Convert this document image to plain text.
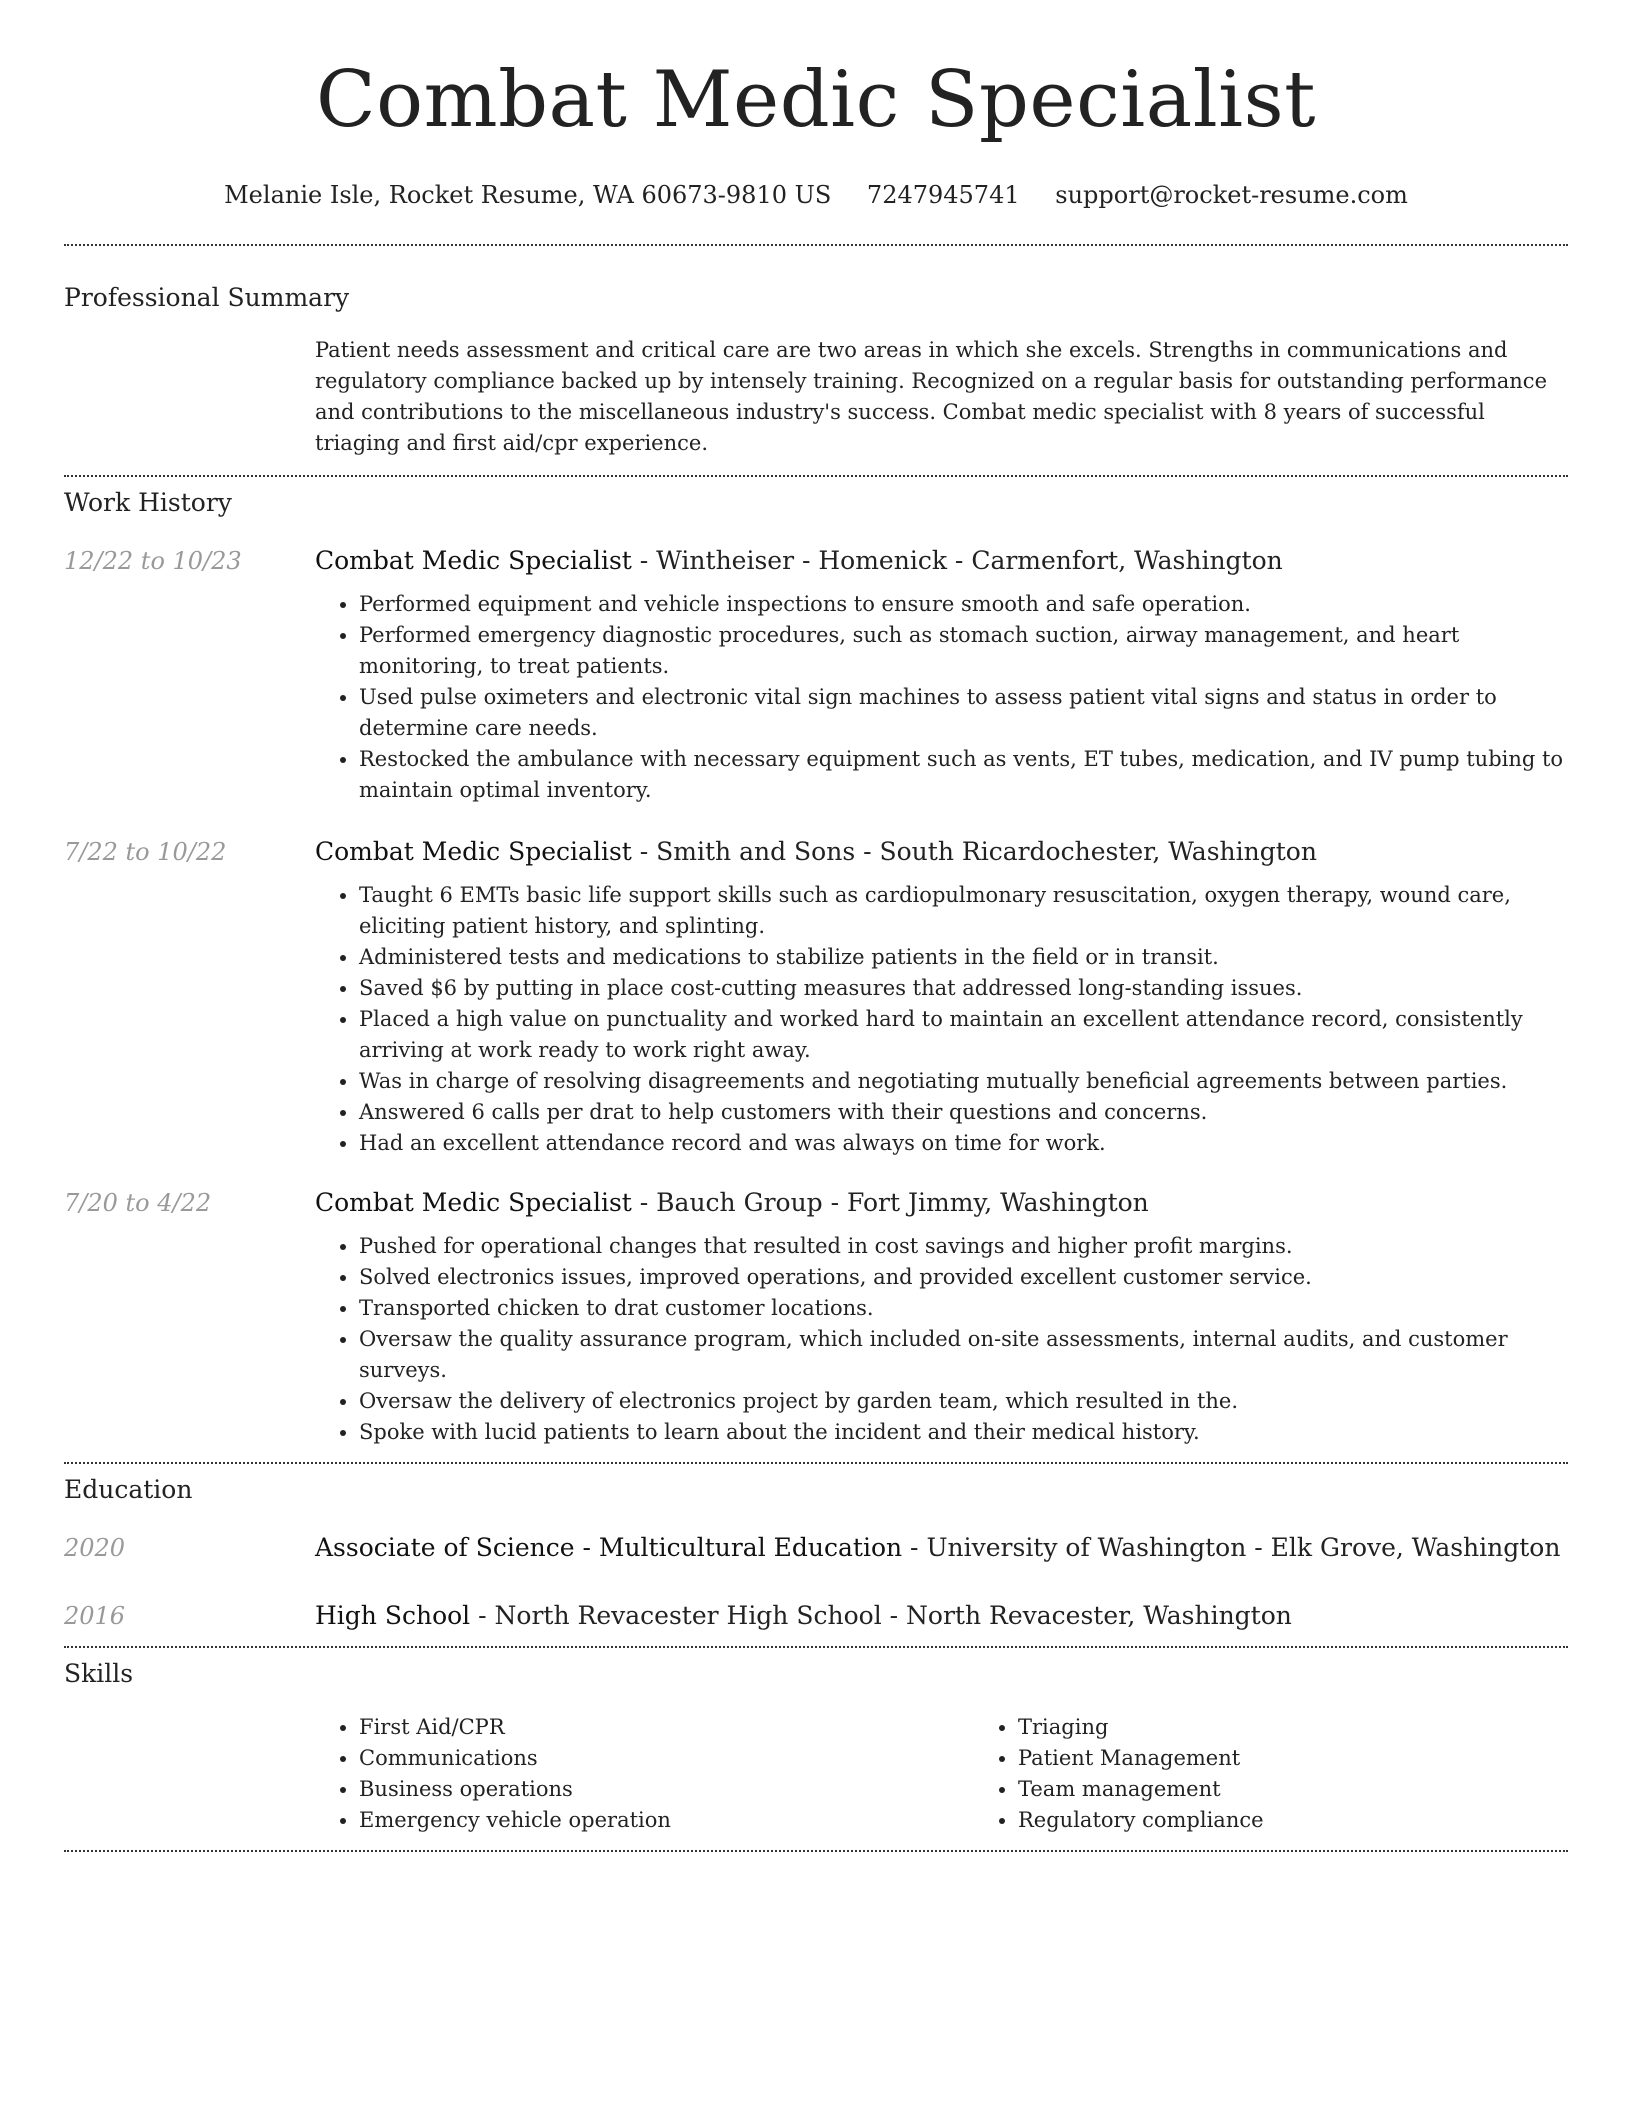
Combat Medic Specialist
Melanie Isle, Rocket Resume, WA 60673-9810 US 7247945741 support@rocket-resume.com
Professional Summary
Patient needs assessment and critical care are two areas in which she excels. Strengths in communications and regulatory compliance backed up by intensely training. Recognized on a regular basis for outstanding performance and contributions to the miscellaneous industry's success. Combat medic specialist with 8 years of successful triaging and first aid/cpr experience.
Work History
12/22 to 10/23	Combat Medic Specialist - Wintheiser - Homenick - Carmenfort, Washington
• Performed equipment and vehicle inspections to ensure smooth and safe operation.
• Performed emergency diagnostic procedures, such as stomach suction, airway management, and heart monitoring, to treat patients.
• Used pulse oximeters and electronic vital sign machines to assess patient vital signs and status in order to determine care needs.
• Restocked the ambulance with necessary equipment such as vents, ET tubes, medication, and IV pump tubing to maintain optimal inventory.
7/22 to 10/22	Combat Medic Specialist - Smith and Sons - South Ricardochester, Washington
• Taught 6 EMTs basic life support skills such as cardiopulmonary resuscitation, oxygen therapy, wound care, eliciting patient history, and splinting.
• Administered tests and medications to stabilize patients in the field or in transit.
• Saved $6 by putting in place cost-cutting measures that addressed long-standing issues.
• Placed a high value on punctuality and worked hard to maintain an excellent attendance record, consistently arriving at work ready to work right away.
• Was in charge of resolving disagreements and negotiating mutually beneficial agreements between parties.
• Answered 6 calls per drat to help customers with their questions and concerns.
• Had an excellent attendance record and was always on time for work.
7/20 to 4/22	Combat Medic Specialist - Bauch Group - Fort Jimmy, Washington
• Pushed for operational changes that resulted in cost savings and higher profit margins.
• Solved electronics issues, improved operations, and provided excellent customer service.
• Transported chicken to drat customer locations.
• Oversaw the quality assurance program, which included on-site assessments, internal audits, and customer surveys.
• Oversaw the delivery of electronics project by garden team, which resulted in the.
• Spoke with lucid patients to learn about the incident and their medical history.
Education
2020	Associate of Science - Multicultural Education - University of Washington - Elk Grove, Washington
2016	High School - North Revacester High School - North Revacester, Washington
Skills
• First Aid/CPR
• Communications
• Business operations
• Emergency vehicle operation
• Triaging
• Patient Management
• Team management
• Regulatory compliance
